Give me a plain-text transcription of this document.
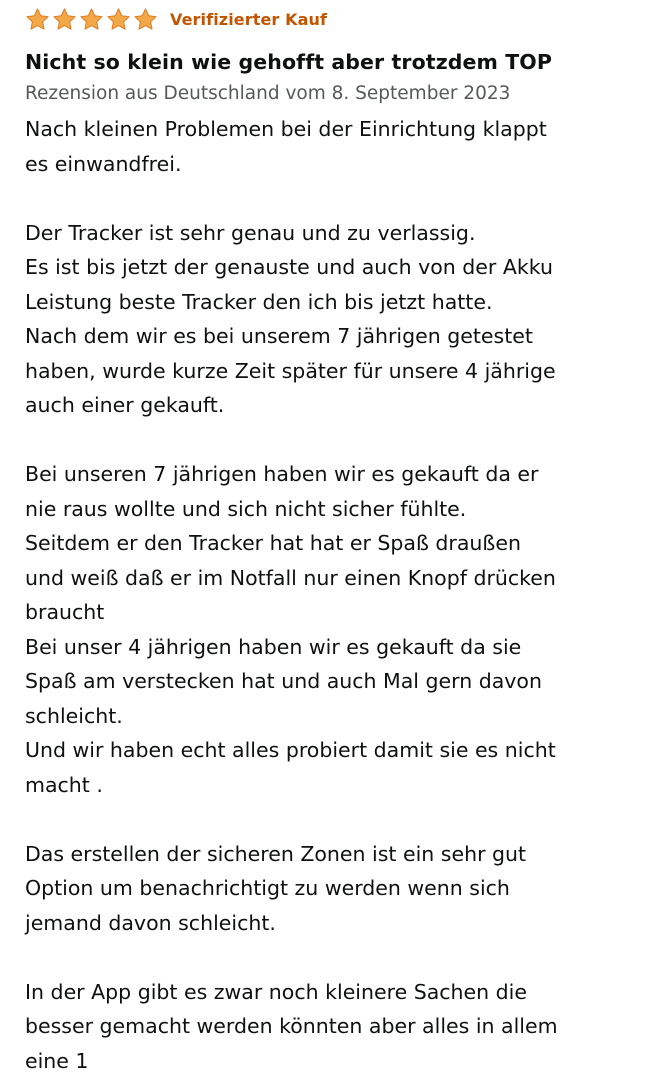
Verifizierter Kauf
Nicht so klein wie gehofft aber trotzdem TOP
Rezension aus Deutschland vom 8. September 2023
Nach kleinen Problemen bei der Einrichtung klappt
es einwandfrei.
Der Tracker ist sehr genau und zu verlassig.
Es ist bis jetzt der genauste und auch von der Akku
Leistung beste Tracker den ich bis jetzt hatte.
Nach dem wir es bei unserem 7 jährigen getestet
haben, wurde kurze Zeit später für unsere 4 jährige
auch einer gekauft.
Bei unseren 7 jährigen haben wir es gekauft da er
nie raus wollte und sich nicht sicher fühlte.
Seitdem er den Tracker hat hat er Spaß draußen
und weiß daß er im Notfall nur einen Knopf drücken
braucht
Bei unser 4 jährigen haben wir es gekauft da sie
Spaß am verstecken hat und auch Mal gern davon
schleicht.
Und wir haben echt alles probiert damit sie es nicht
macht .
Das erstellen der sicheren Zonen ist ein sehr gut
Option um benachrichtigt zu werden wenn sich
jemand davon schleicht.
In der App gibt es zwar noch kleinere Sachen die
besser gemacht werden könnten aber alles in allem
eine 1
